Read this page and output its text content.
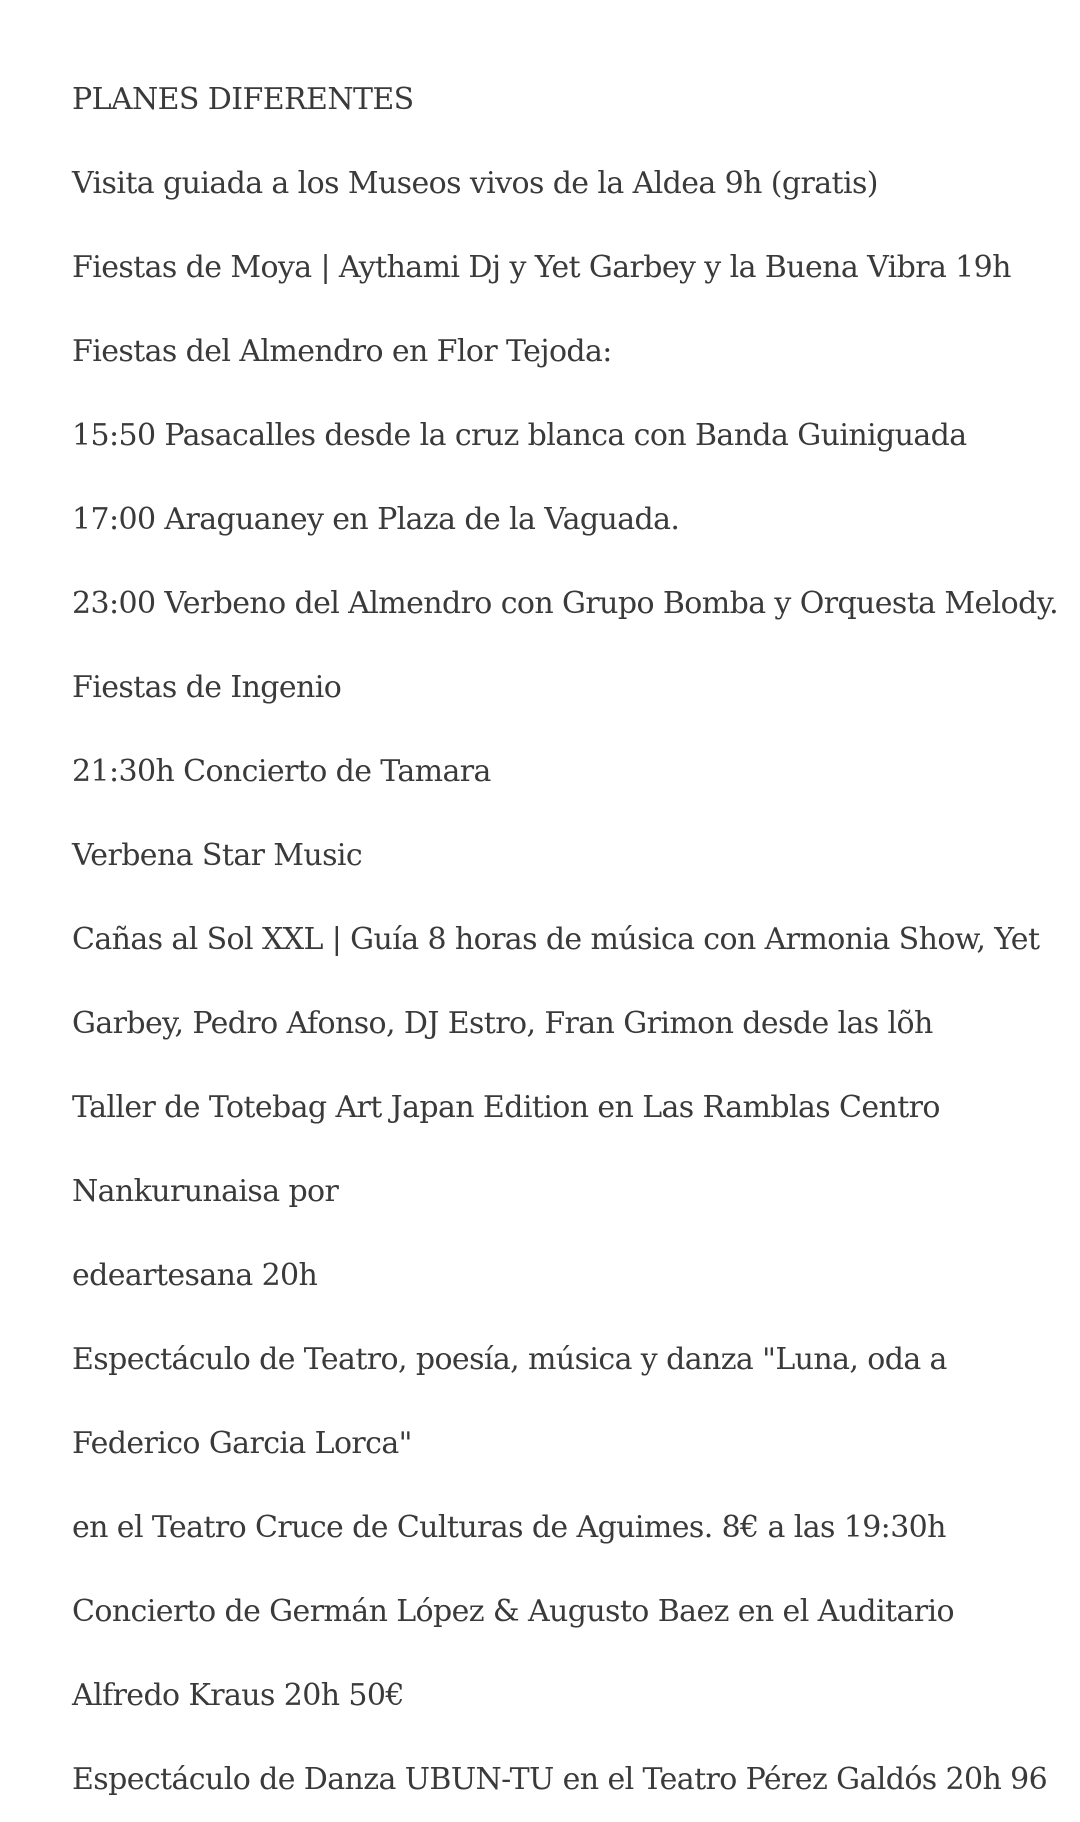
PLANES DIFERENTES

Visita guiada a los Museos vivos de la Aldea 9h (gratis)

Fiestas de Moya | Aythami Dj y Yet Garbey y la Buena Vibra 19h

Fiestas del Almendro en Flor Tejoda:

15:50 Pasacalles desde la cruz blanca con Banda Guiniguada

17:00 Araguaney en Plaza de la Vaguada.

23:00 Verbeno del Almendro con Grupo Bomba y Orquesta Melody.

Fiestas de Ingenio

21:30h Concierto de Tamara

Verbena Star Music

Cañas al Sol XXL | Guía 8 horas de música con Armonia Show, Yet

Garbey, Pedro Afonso, DJ Estro, Fran Grimon desde las lõh

Taller de Totebag Art Japan Edition en Las Ramblas Centro

Nankurunaisa por

edeartesana 20h

Espectáculo de Teatro, poesía, música y danza "Luna, oda a

Federico Garcia Lorca"

en el Teatro Cruce de Culturas de Aguimes. 8€ a las 19:30h

Concierto de Germán López & Augusto Baez en el Auditario

Alfredo Kraus 20h 50€

Espectáculo de Danza UBUN-TU en el Teatro Pérez Galdós 20h 96
